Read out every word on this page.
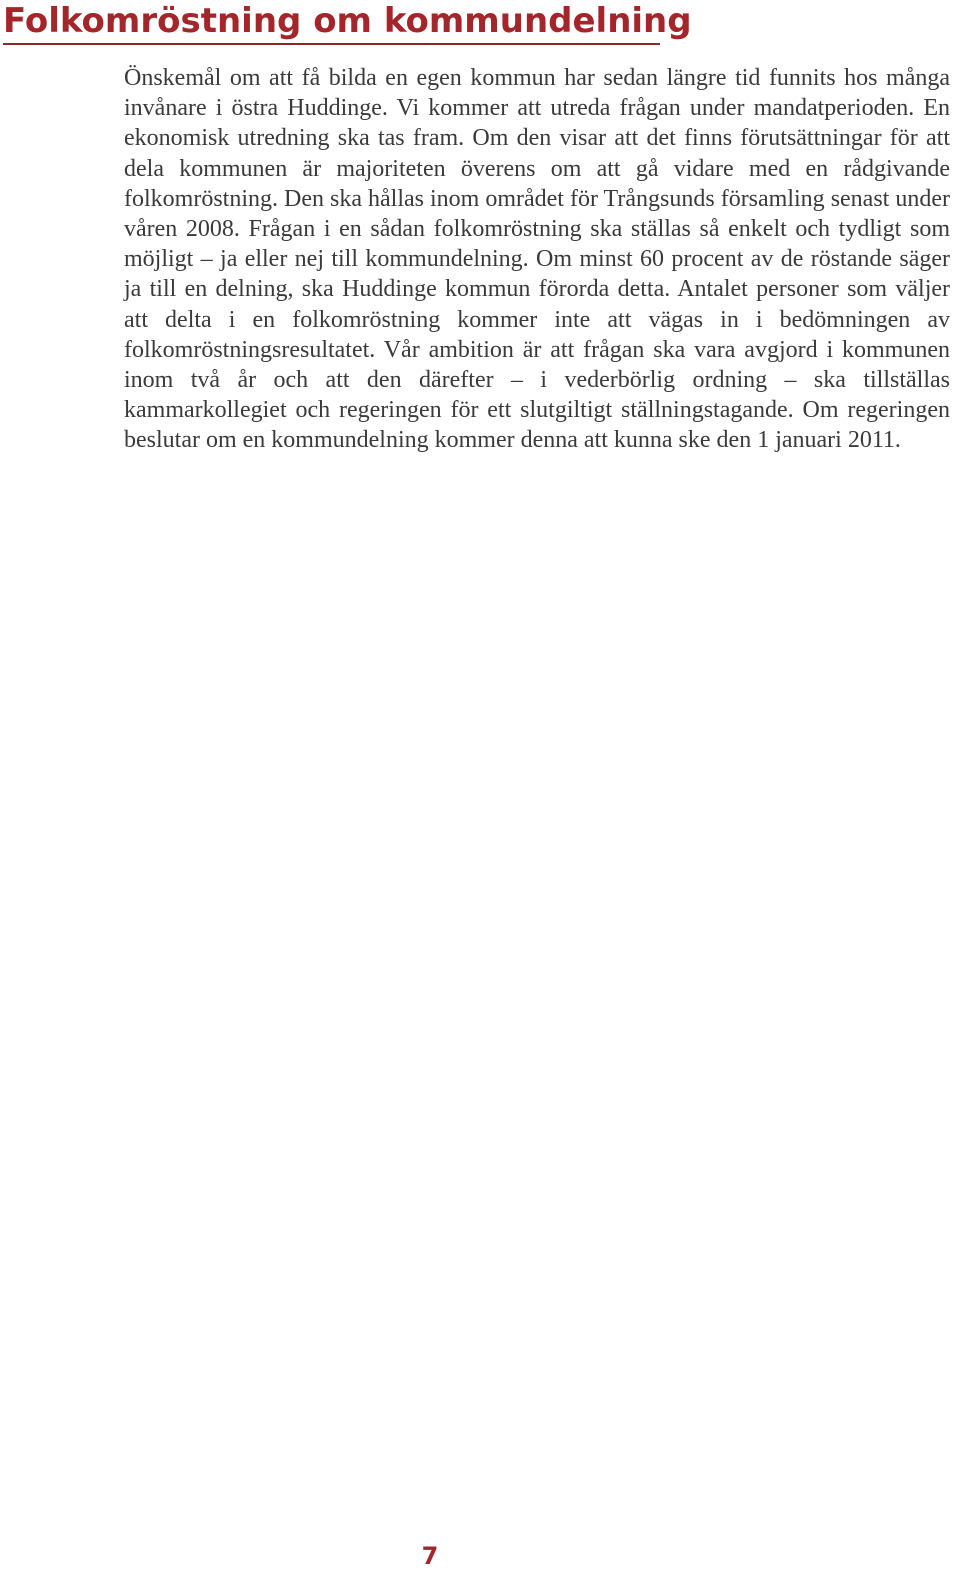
Folkomröstning om kommundelning

Önskemål om att få bilda en egen kommun har sedan längre tid funnits hos många invånare i östra Huddinge. Vi kommer att utreda frågan under mandatperioden. En ekonomisk utredning ska tas fram. Om den visar att det finns förutsättningar för att dela kommunen är majoriteten överens om att gå vidare med en rådgivande folkomröstning. Den ska hållas inom området för Trångsunds församling senast under våren 2008. Frågan i en sådan folkomröstning ska ställas så enkelt och tydligt som möjligt – ja eller nej till kommundelning. Om minst 60 procent av de röstande säger ja till en delning, ska Huddinge kommun förorda detta. Antalet personer som väljer att delta i en folkomröstning kommer inte att vägas in i bedömningen av folkomröstningsresultatet. Vår ambition är att frågan ska vara avgjord i kommunen inom två år och att den därefter – i vederbörlig ordning – ska tillställas kammarkollegiet och regeringen för ett slutgiltigt ställningstagande. Om regeringen beslutar om en kommundelning kommer denna att kunna ske den 1 januari 2011.

7
